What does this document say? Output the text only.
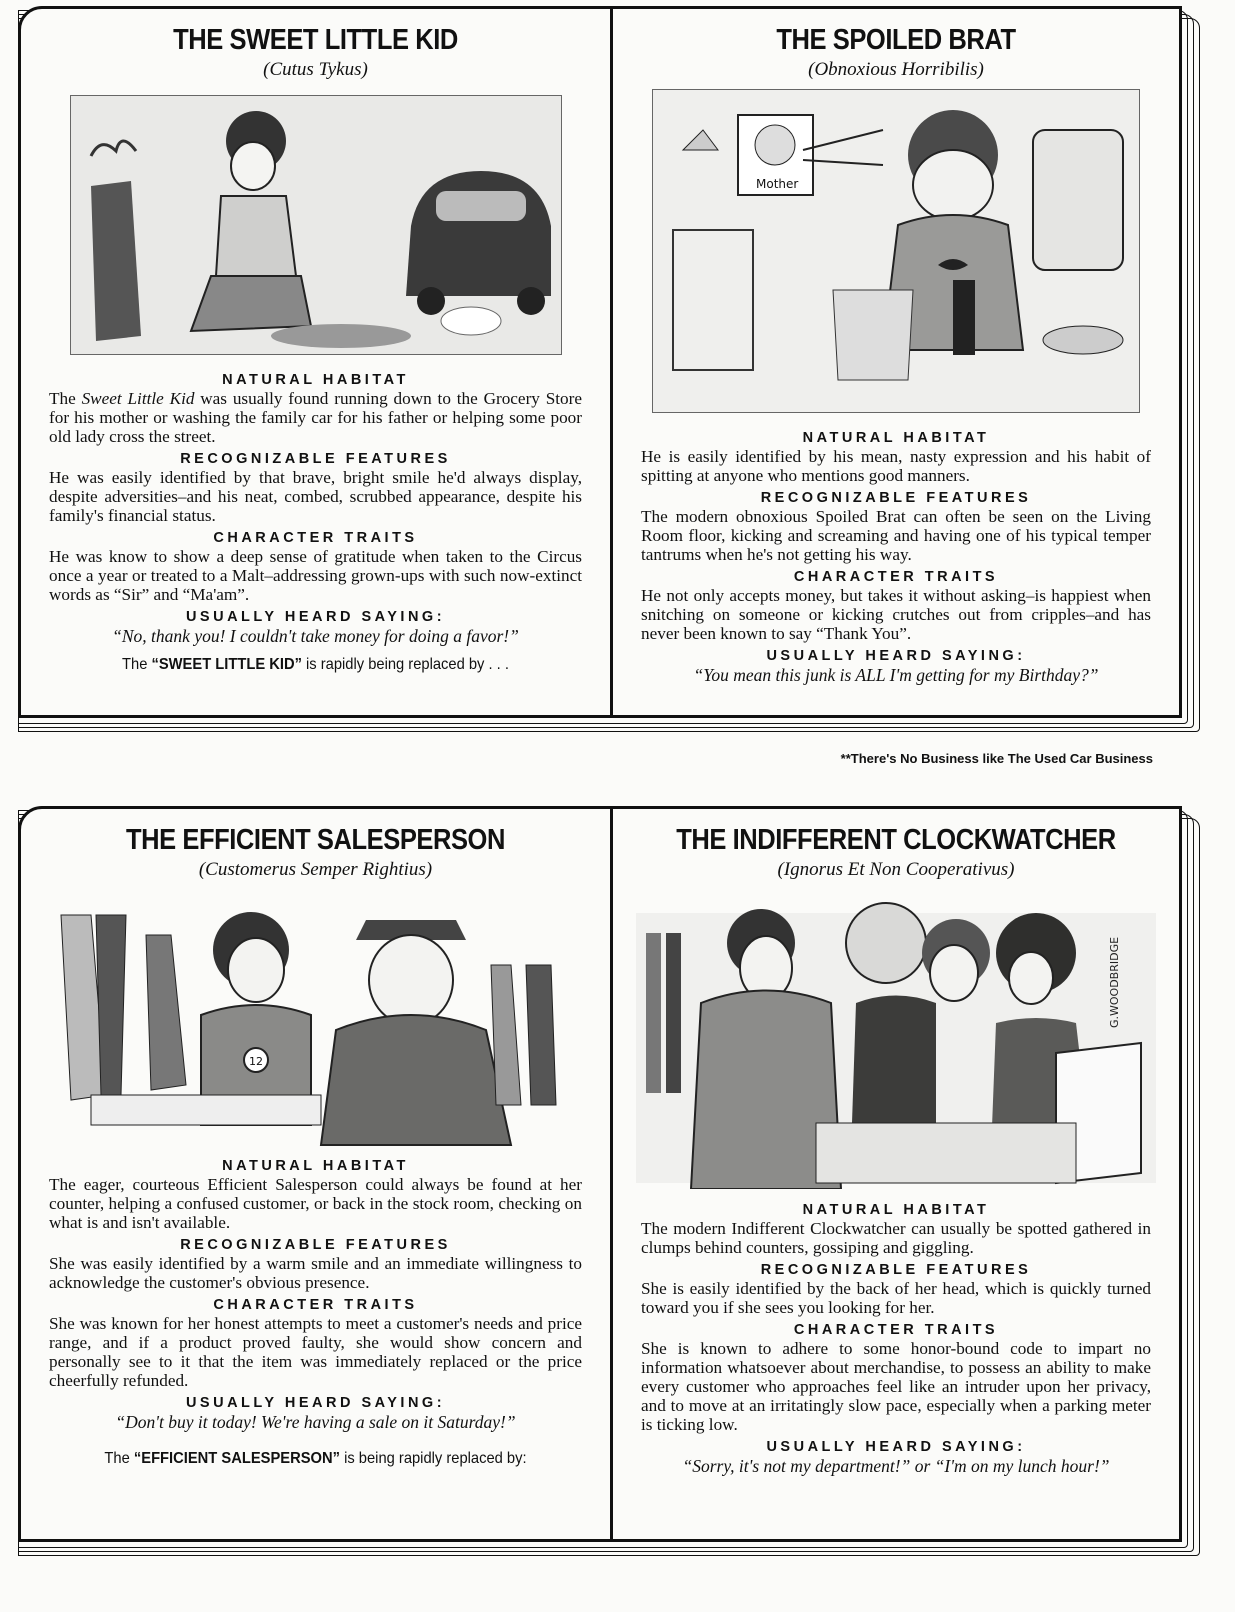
THE SWEET LITTLE KID
(Cutus Tykus)
NATURAL HABITAT
The Sweet Little Kid was usually found running down to the Grocery Store for his mother or washing the family car for his father or helping some poor old lady cross the street.
RECOGNIZABLE FEATURES
He was easily identified by that brave, bright smile he'd always display, despite adversities–and his neat, combed, scrubbed appearance, despite his family's financial status.
CHARACTER TRAITS
He was know to show a deep sense of gratitude when taken to the Circus once a year or treated to a Malt–addressing grown-ups with such now-extinct words as “Sir” and “Ma'am”.
USUALLY HEARD SAYING:
“No, thank you! I couldn't take money for doing a favor!”
The “SWEET LITTLE KID” is rapidly being replaced by . . .
THE SPOILED BRAT
(Obnoxious Horribilis)
Mother
NATURAL HABITAT
He is easily identified by his mean, nasty expression and his habit of spitting at anyone who mentions good manners.
RECOGNIZABLE FEATURES
The modern obnoxious Spoiled Brat can often be seen on the Living Room floor, kicking and screaming and having one of his typical temper tantrums when he's not getting his way.
CHARACTER TRAITS
He not only accepts money, but takes it without asking–is happiest when snitching on someone or kicking crutches out from cripples–and has never been known to say “Thank You”.
USUALLY HEARD SAYING:
“You mean this junk is ALL I'm getting for my Birthday?”
**There's No Business like The Used Car Business
THE EFFICIENT SALESPERSON
(Customerus Semper Rightius)
12
NATURAL HABITAT
The eager, courteous Efficient Salesperson could always be found at her counter, helping a confused customer, or back in the stock room, checking on what is and isn't available.
RECOGNIZABLE FEATURES
She was easily identified by a warm smile and an immediate willingness to acknowledge the customer's obvious presence.
CHARACTER TRAITS
She was known for her honest attempts to meet a customer's needs and price range, and if a product proved faulty, she would show concern and personally see to it that the item was immediately replaced or the price cheerfully refunded.
USUALLY HEARD SAYING:
“Don't buy it today! We're having a sale on it Saturday!”
The “EFFICIENT SALESPERSON” is being rapidly replaced by:
THE INDIFFERENT CLOCKWATCHER
(Ignorus Et Non Cooperativus)
G.WOODBRIDGE
NATURAL HABITAT
The modern Indifferent Clockwatcher can usually be spotted gathered in clumps behind counters, gossiping and giggling.
RECOGNIZABLE FEATURES
She is easily identified by the back of her head, which is quickly turned toward you if she sees you looking for her.
CHARACTER TRAITS
She is known to adhere to some honor-bound code to impart no information whatsoever about merchandise, to possess an ability to make every customer who approaches feel like an intruder upon her privacy, and to move at an irritatingly slow pace, especially when a parking meter is ticking low.
USUALLY HEARD SAYING:
“Sorry, it's not my department!” or “I'm on my lunch hour!”
